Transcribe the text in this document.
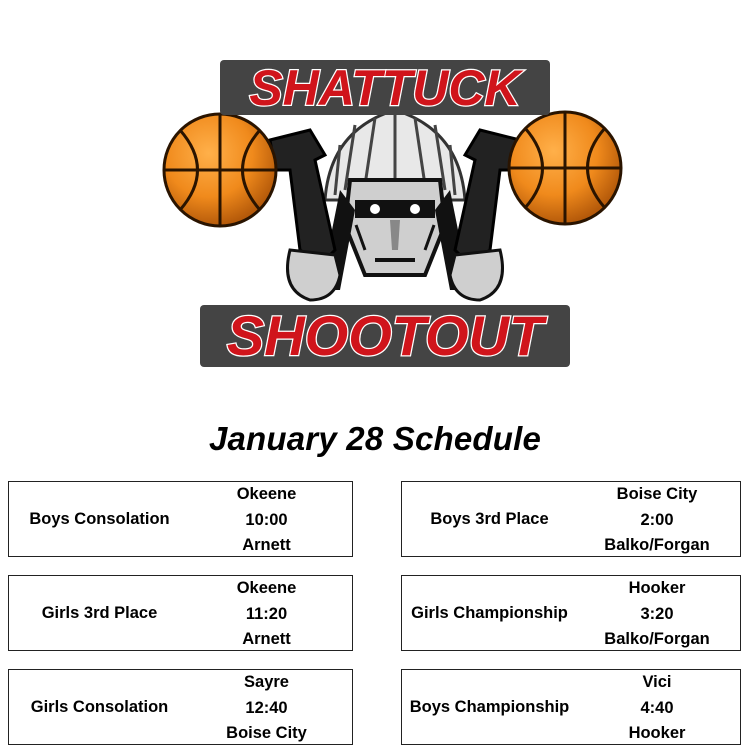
SHATTUCK
SHOOTOUT
January 28 Schedule
Boys Consolation
Okeene
10:00
Arnett
Boys 3rd Place
Boise City
2:00
Balko/Forgan
Girls 3rd Place
Okeene
11:20
Arnett
Girls Championship
Hooker
3:20
Balko/Forgan
Girls Consolation
Sayre
12:40
Boise City
Boys Championship
Vici
4:40
Hooker
